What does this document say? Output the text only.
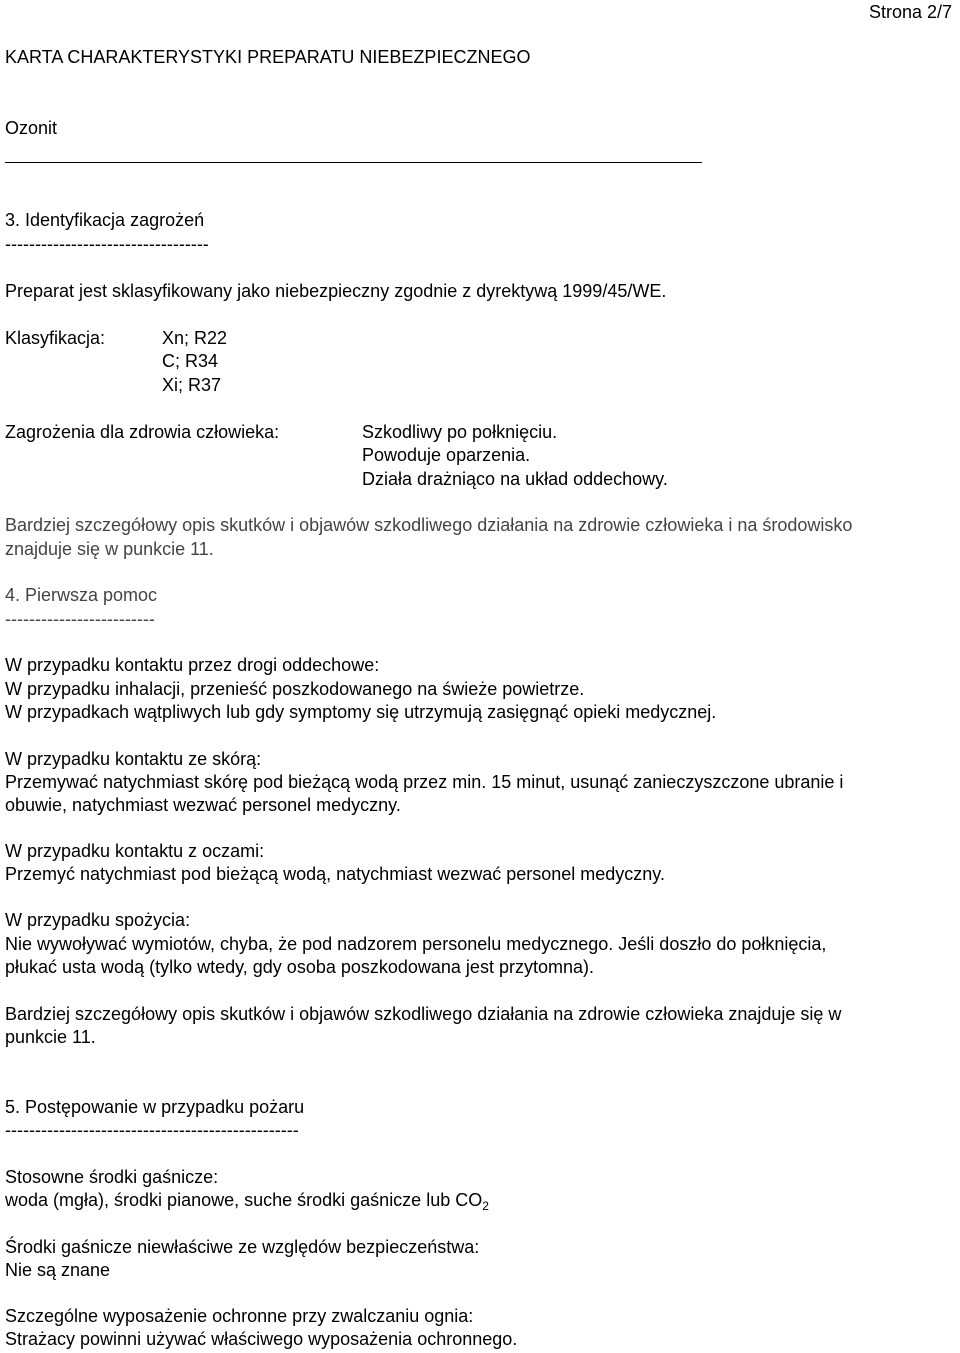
Strona 2/7
KARTA CHARAKTERYSTYKI PREPARATU NIEBEZPIECZNEGO
Ozonit
3. Identyfikacja zagrożeń
----------------------------------
Preparat jest sklasyfikowany jako niebezpieczny zgodnie z dyrektywą 1999/45/WE.
Klasyfikacja:	Xn; R22
C; R34
Xi; R37
Zagrożenia dla zdrowia człowieka:	Szkodliwy po połknięciu.
Powoduje oparzenia.
Działa drażniąco na układ oddechowy.
Bardziej szczegółowy opis skutków i objawów szkodliwego działania na zdrowie człowieka i na środowisko
znajduje się w punkcie 11.
4. Pierwsza pomoc
-------------------------
W przypadku kontaktu przez drogi oddechowe:
W przypadku inhalacji, przenieść poszkodowanego na świeże powietrze.
W przypadkach wątpliwych lub gdy symptomy się utrzymują zasięgnąć opieki medycznej.
W przypadku kontaktu ze skórą:
Przemywać natychmiast skórę pod bieżącą wodą przez min. 15 minut, usunąć zanieczyszczone ubranie i
obuwie, natychmiast wezwać personel medyczny.
W przypadku kontaktu z oczami:
Przemyć natychmiast pod bieżącą wodą, natychmiast wezwać personel medyczny.
W przypadku spożycia:
Nie wywoływać wymiotów, chyba, że pod nadzorem personelu medycznego. Jeśli doszło do połknięcia,
płukać usta wodą (tylko wtedy, gdy osoba poszkodowana jest przytomna).
Bardziej szczegółowy opis skutków i objawów szkodliwego działania na zdrowie człowieka znajduje się w
punkcie 11.
5. Postępowanie w przypadku pożaru
-------------------------------------------------
Stosowne środki gaśnicze:
woda (mgła), środki pianowe, suche środki gaśnicze lub $CO_2$
Środki gaśnicze niewłaściwe ze względów bezpieczeństwa:
Nie są znane
Szczególne wyposażenie ochronne przy zwalczaniu ognia:
Strażacy powinni używać właściwego wyposażenia ochronnego.
